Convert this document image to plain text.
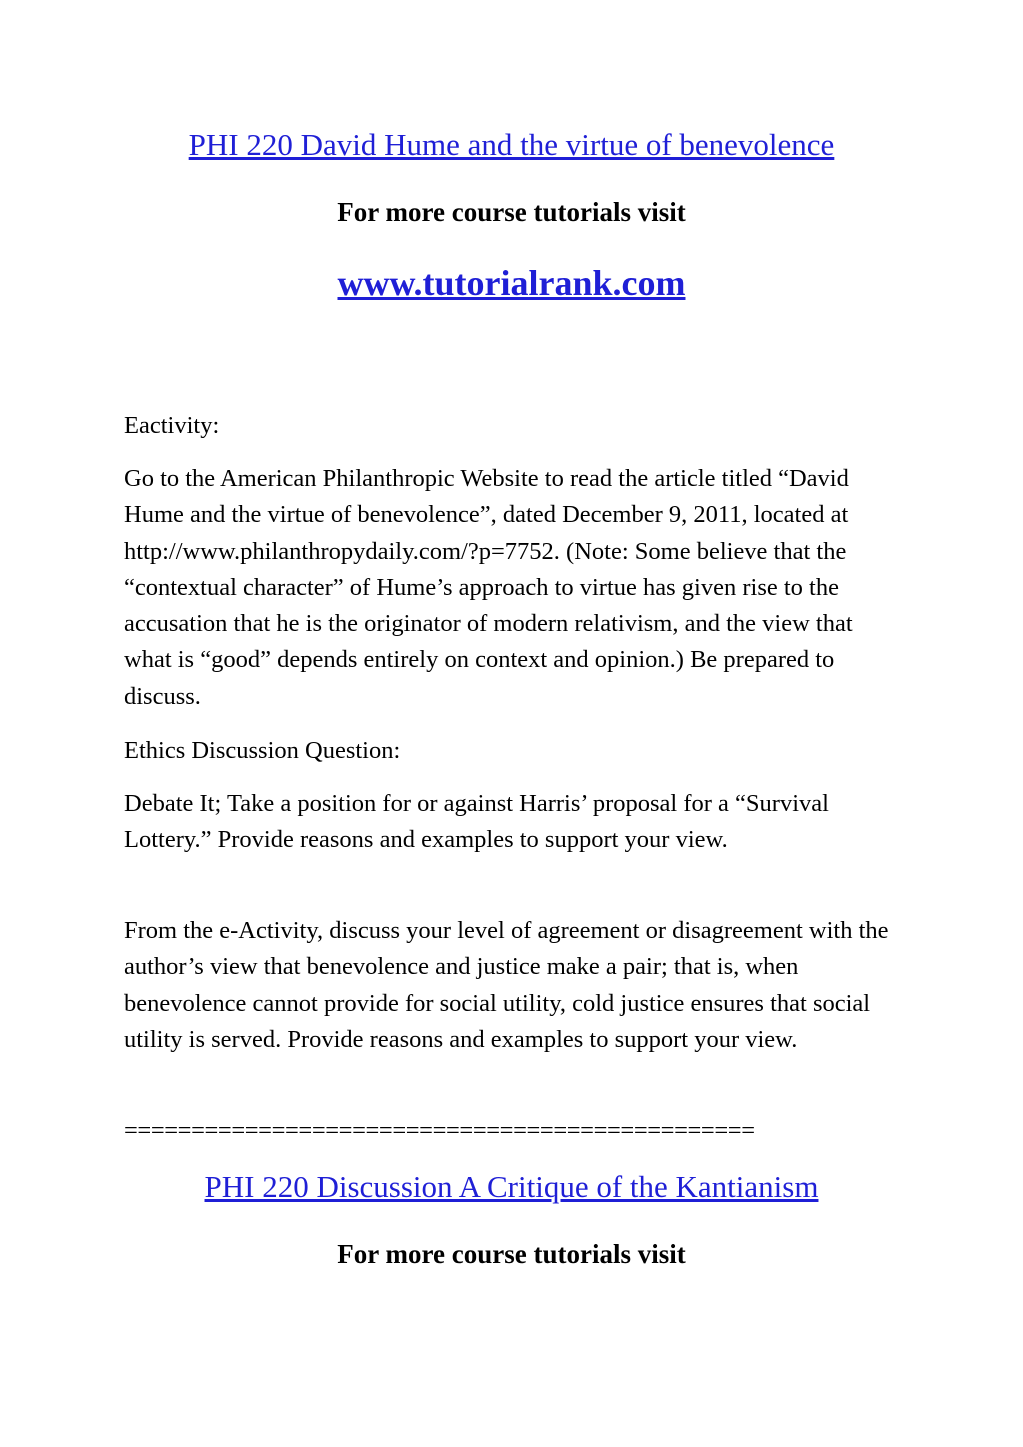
PHI 220 David Hume and the virtue of benevolence
For more course tutorials visit
www.tutorialrank.com

Eactivity:

Go to the American Philanthropic Website to read the article titled “David Hume and the virtue of benevolence”, dated December 9, 2011, located at http://www.philanthropydaily.com/?p=7752. (Note: Some believe that the “contextual character” of Hume’s approach to virtue has given rise to the accusation that he is the originator of modern relativism, and the view that what is “good” depends entirely on context and opinion.) Be prepared to discuss.

Ethics Discussion Question:

Debate It; Take a position for or against Harris’ proposal for a “Survival Lottery.” Provide reasons and examples to support your view.

From the e-Activity, discuss your level of agreement or disagreement with the author’s view that benevolence and justice make a pair; that is, when benevolence cannot provide for social utility, cold justice ensures that social utility is served. Provide reasons and examples to support your view.

===============================================
PHI 220 Discussion A Critique of the Kantianism
For more course tutorials visit
